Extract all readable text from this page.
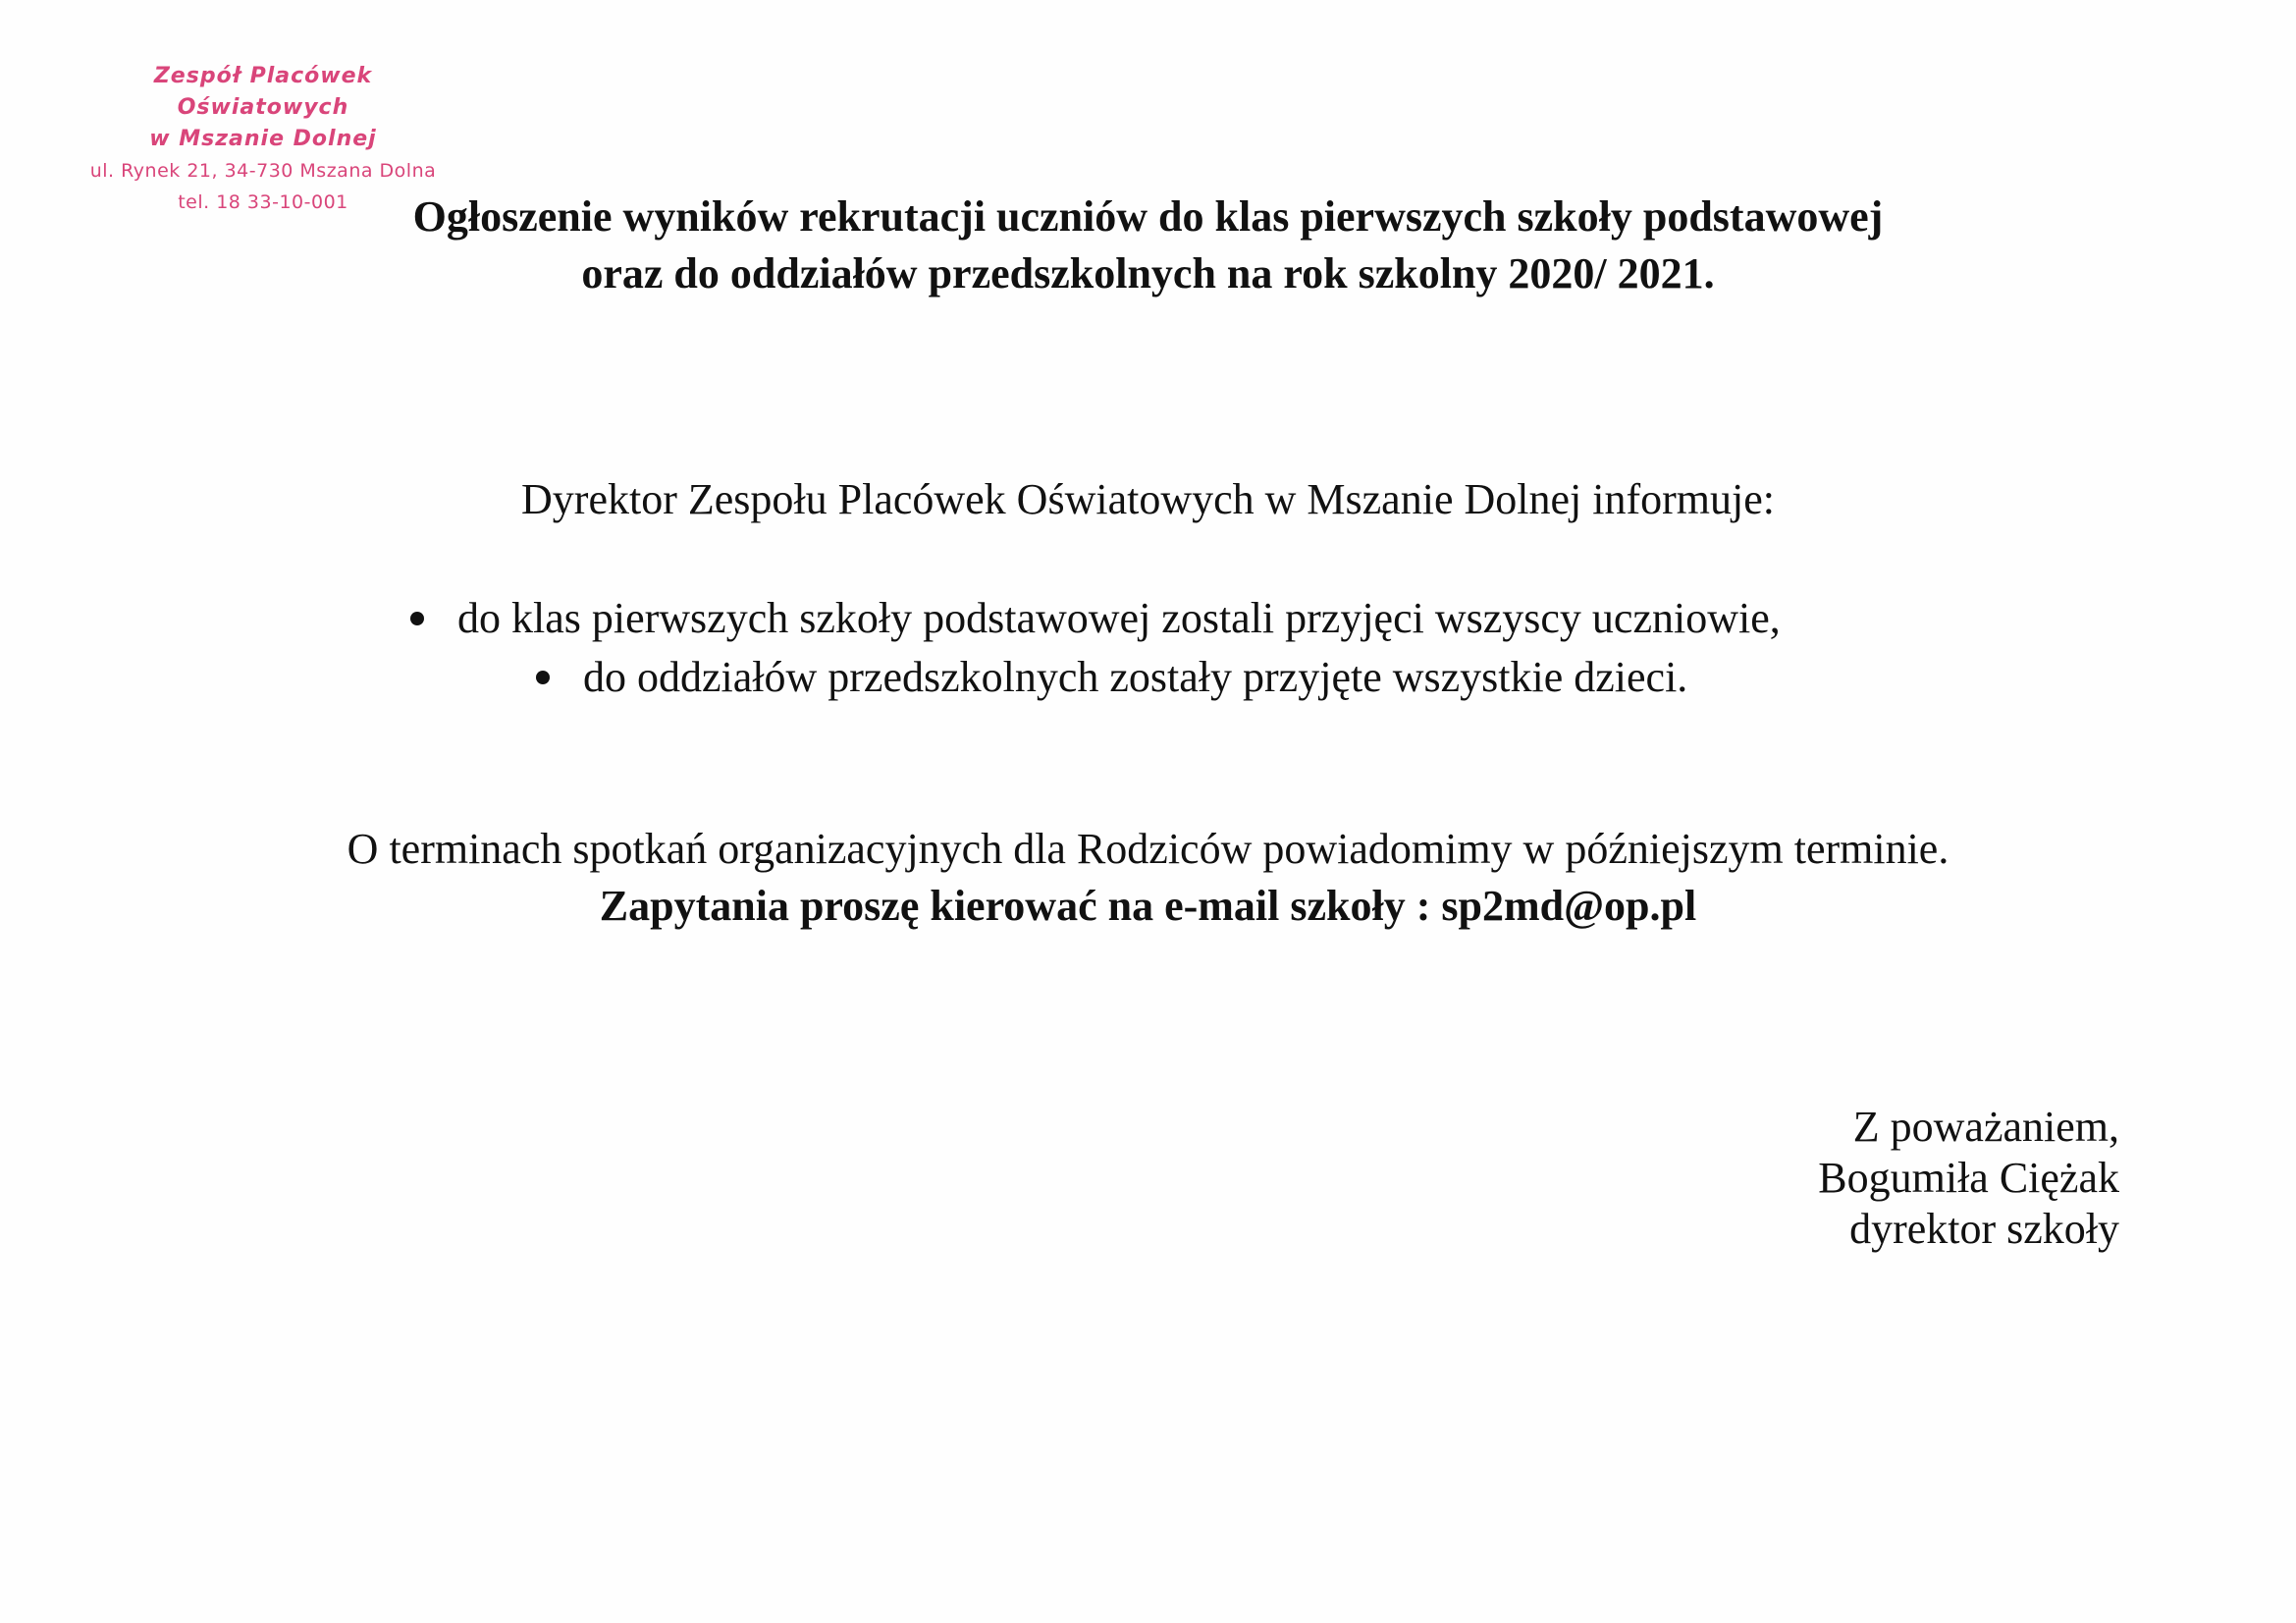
Zespół Placówek Oświatowych
w Mszanie Dolnej
ul. Rynek 21, 34-730 Mszana Dolna
tel. 18 33-10-001	Ogłoszenie wyników rekrutacji uczniów do klas pierwszych szkoły podstawowej
oraz do oddziałów przedszkolnych na rok szkolny 2020/ 2021.
Dyrektor Zespołu Placówek Oświatowych w Mszanie Dolnej informuje:
do klas pierwszych szkoły podstawowej zostali przyjęci wszyscy uczniowie,
do oddziałów przedszkolnych zostały przyjęte wszystkie dzieci.
O terminach spotkań organizacyjnych dla Rodziców powiadomimy w późniejszym terminie.
Zapytania proszę kierować na e-mail szkoły : sp2md@op.pl
Z poważaniem,
Bogumiła Ciężak
dyrektor szkoły
